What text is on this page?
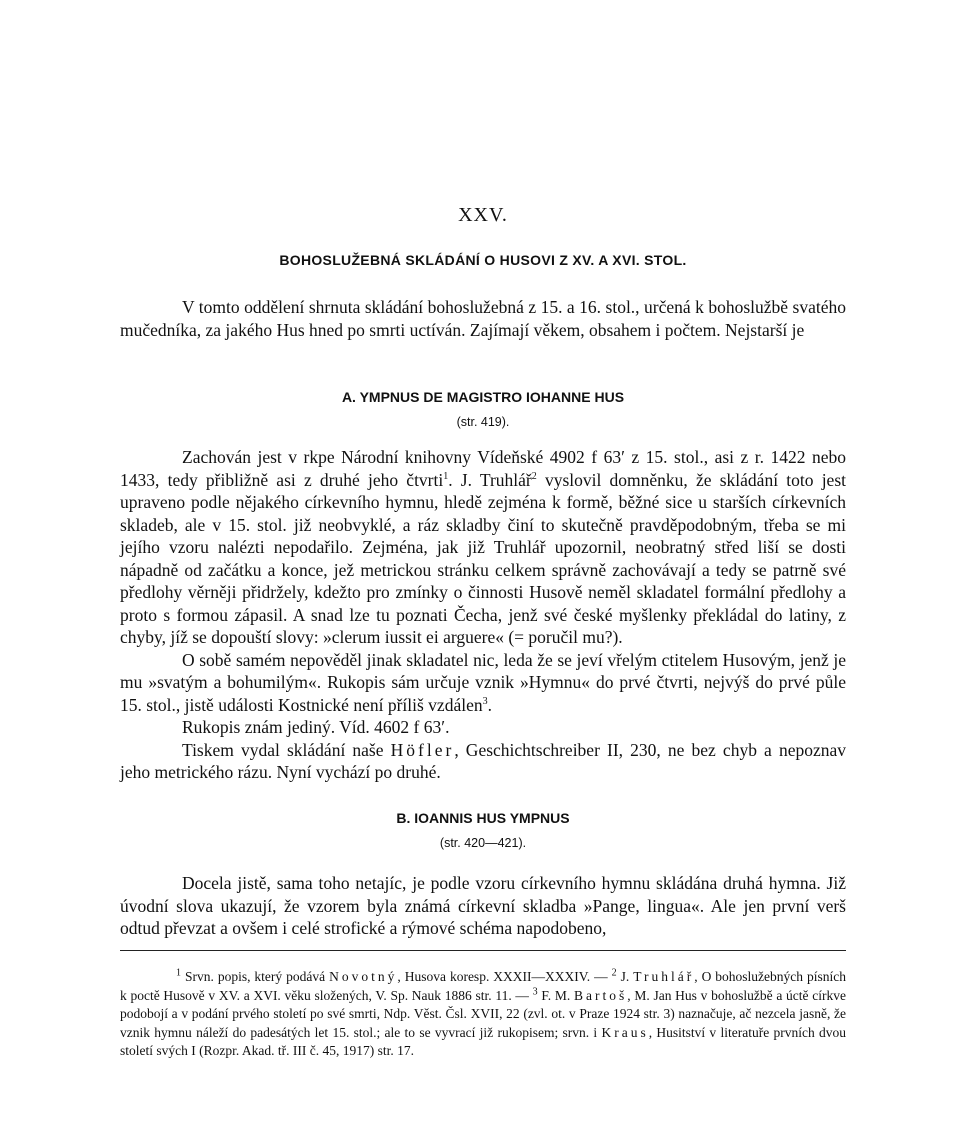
XXV.
BOHOSLUŽEBNÁ SKLÁDÁNÍ O HUSOVI Z XV. A XVI. STOL.

V tomto oddělení shrnuta skládání bohoslužebná z 15. a 16. stol., určená k bohoslužbě svatého mučedníka, za jakého Hus hned po smrti uctíván. Zajímají věkem, obsahem i počtem. Nejstarší je

A. YMPNUS DE MAGISTRO IOHANNE HUS
(str. 419).

Zachován jest v rkpe Národní knihovny Vídeňské 4902 f 63′ z 15. stol., asi z r. 1422 nebo 1433, tedy přibližně asi z druhé jeho čtvrti$^1$. J. Truhlář$^2$ vyslovil domněnku, že skládání toto jest upraveno podle nějakého církevního hymnu, hledě zejména k formě, běžné sice u starších církevních skladeb, ale v 15. stol. již neobvyklé, a ráz skladby činí to skutečně pravděpodobným, třeba se mi jejího vzoru nalézti nepodařilo. Zejména, jak již Truhlář upozornil, neobratný střed liší se dosti nápadně od začátku a konce, jež metrickou stránku celkem správně zachovávají a tedy se patrně své předlohy věrněji přidržely, kdežto pro zmínky o činnosti Husově neměl skladatel formální předlohy a proto s formou zápasil. A snad lze tu poznati Čecha, jenž své české myšlenky překládal do latiny, z chyby, jíž se dopouští slovy: »clerum iussit ei arguere« (= poručil mu?).

O sobě samém nepověděl jinak skladatel nic, leda že se jeví vřelým ctitelem Husovým, jenž je mu »svatým a bohumilým«. Rukopis sám určuje vznik »Hymnu« do prvé čtvrti, nejvýš do prvé půle 15. stol., jistě události Kostnické není příliš vzdálen$^3$.

Rukopis znám jediný. Víd. 4602 f 63′.

Tiskem vydal skládání naše Höfler, Geschichtschreiber II, 230, ne bez chyb a nepoznav jeho metrického rázu. Nyní vychází po druhé.

B. IOANNIS HUS YMPNUS
(str. 420—421).

Docela jistě, sama toho netajíc, je podle vzoru církevního hymnu skládána druhá hymna. Již úvodní slova ukazují, že vzorem byla známá církevní skladba »Pange, lingua«. Ale jen první verš odtud převzat a ovšem i celé strofické a rýmové schéma napodobeno,

$^1$ Srvn. popis, který podává Novotný, Husova koresp. XXXII—XXXIV. — $^2$ J. Truhlář, O bohoslužebných písních k poctě Husově v XV. a XVI. věku složených, V. Sp. Nauk 1886 str. 11. — $^3$ F. M. Bartoš, M. Jan Hus v bohoslužbě a úctě církve podobojí a v podání prvého století po své smrti, Ndp. Věst. Čsl. XVII, 22 (zvl. ot. v Praze 1924 str. 3) naznačuje, ač nezcela jasně, že vznik hymnu náleží do padesátých let 15. stol.; ale to se vyvrací již rukopisem; srvn. i Kraus, Husitství v literatuře prvních dvou století svých I (Rozpr. Akad. tř. III č. 45, 1917) str. 17.
